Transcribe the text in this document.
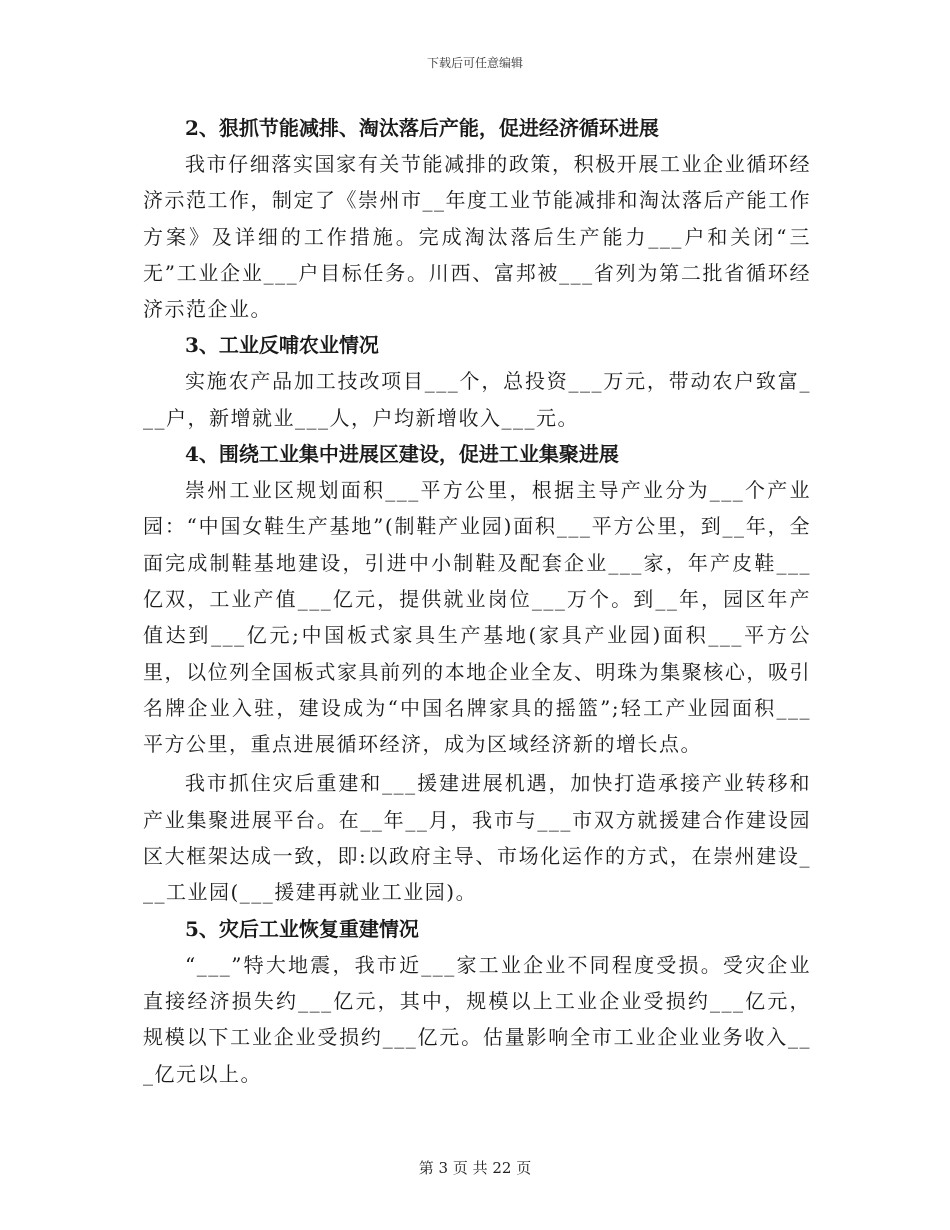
下载后可任意编辑
2、狠抓节能减排、淘汰落后产能，促进经济循环进展
我市仔细落实国家有关节能减排的政策，积极开展工业企业循环经济示范工作，制定了《崇州市__年度工业节能减排和淘汰落后产能工作方案》及详细的工作措施。完成淘汰落后生产能力___户和关闭“三无”工业企业___户目标任务。川西、富邦被___省列为第二批省循环经济示范企业。
3、工业反哺农业情况
实施农产品加工技改项目___个，总投资___万元，带动农户致富___户，新增就业___人，户均新增收入___元。
4、围绕工业集中进展区建设，促进工业集聚进展
崇州工业区规划面积___平方公里，根据主导产业分为___个产业园：“中国女鞋生产基地”(制鞋产业园)面积___平方公里，到__年，全面完成制鞋基地建设，引进中小制鞋及配套企业___家，年产皮鞋___亿双，工业产值___亿元，提供就业岗位___万个。到__年，园区年产值达到___亿元;中国板式家具生产基地(家具产业园)面积___平方公里，以位列全国板式家具前列的本地企业全友、明珠为集聚核心，吸引名牌企业入驻，建设成为“中国名牌家具的摇篮”;轻工产业园面积___平方公里，重点进展循环经济，成为区域经济新的增长点。
我市抓住灾后重建和___援建进展机遇，加快打造承接产业转移和产业集聚进展平台。在__年__月，我市与___市双方就援建合作建设园区大框架达成一致，即:以政府主导、市场化运作的方式，在崇州建设___工业园(___援建再就业工业园)。
5、灾后工业恢复重建情况
“___”特大地震，我市近___家工业企业不同程度受损。受灾企业直接经济损失约___亿元，其中，规模以上工业企业受损约___亿元，规模以下工业企业受损约___亿元。估量影响全市工业企业业务收入___亿元以上。
第 3 页 共 22 页
